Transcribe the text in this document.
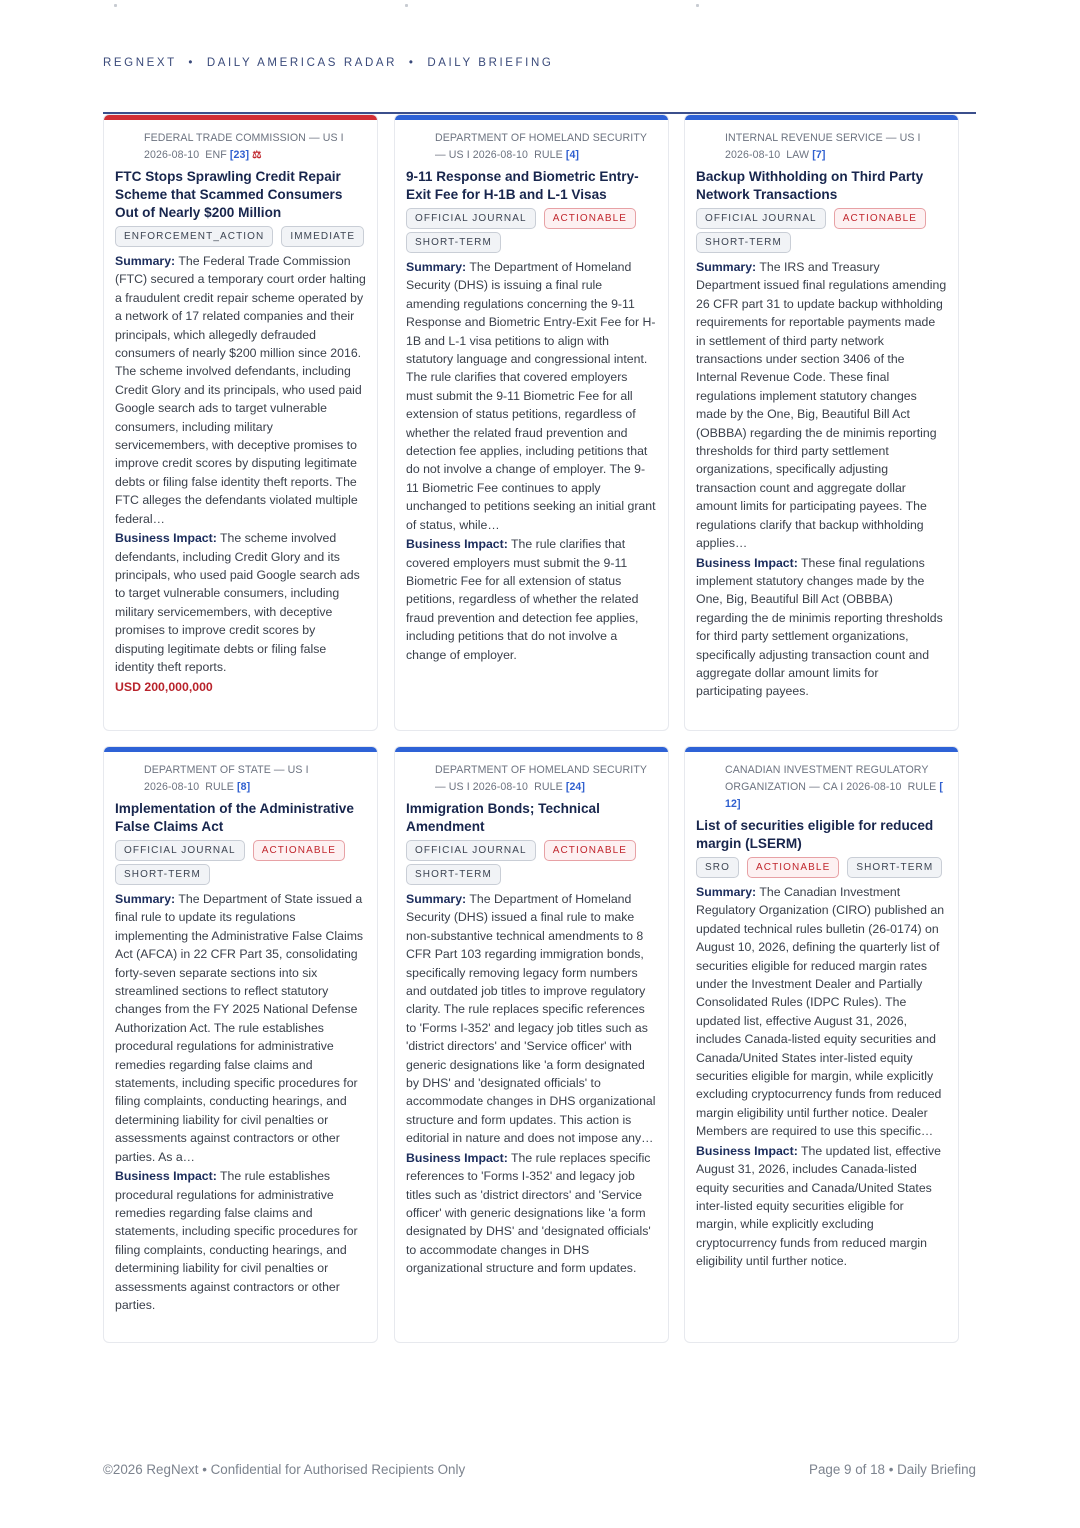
REGNEXT • DAILY AMERICAS RADAR • DAILY BRIEFING
FEDERAL TRADE COMMISSION — US I
2026-08-10 ENF [23] ⚖
FTC Stops Sprawling Credit Repair Scheme that Scammed Consumers Out of Nearly $200 Million
ENFORCEMENT_ACTION	IMMEDIATE
Summary: The Federal Trade Commission (FTC) secured a temporary court order halting a fraudulent credit repair scheme operated by a network of 17 related companies and their principals, which allegedly defrauded consumers of nearly $200 million since 2016. The scheme involved defendants, including Credit Glory and its principals, who used paid Google search ads to target vulnerable consumers, including military servicemembers, with deceptive promises to improve credit scores by disputing legitimate debts or filing false identity theft reports. The FTC alleges the defendants violated multiple federal…
Business Impact: The scheme involved defendants, including Credit Glory and its principals, who used paid Google search ads to target vulnerable consumers, including military servicemembers, with deceptive promises to improve credit scores by disputing legitimate debts or filing false identity theft reports.
USD 200,000,000
DEPARTMENT OF HOMELAND SECURITY — US I 2026-08-10 RULE [4]
9-11 Response and Biometric Entry-Exit Fee for H-1B and L-1 Visas
OFFICIAL JOURNAL	ACTIONABLE
SHORT-TERM
Summary: The Department of Homeland Security (DHS) is issuing a final rule amending regulations concerning the 9-11 Response and Biometric Entry-Exit Fee for H-1B and L-1 visa petitions to align with statutory language and congressional intent. The rule clarifies that covered employers must submit the 9-11 Biometric Fee for all extension of status petitions, regardless of whether the related fraud prevention and detection fee applies, including petitions that do not involve a change of employer. The 9-11 Biometric Fee continues to apply unchanged to petitions seeking an initial grant of status, while…
Business Impact: The rule clarifies that covered employers must submit the 9-11 Biometric Fee for all extension of status petitions, regardless of whether the related fraud prevention and detection fee applies, including petitions that do not involve a change of employer.
INTERNAL REVENUE SERVICE — US I
2026-08-10 LAW [7]
Backup Withholding on Third Party Network Transactions
OFFICIAL JOURNAL	ACTIONABLE
SHORT-TERM
Summary: The IRS and Treasury Department issued final regulations amending 26 CFR part 31 to update backup withholding requirements for reportable payments made in settlement of third party network transactions under section 3406 of the Internal Revenue Code. These final regulations implement statutory changes made by the One, Big, Beautiful Bill Act (OBBBA) regarding the de minimis reporting thresholds for third party settlement organizations, specifically adjusting transaction count and aggregate dollar amount limits for participating payees. The regulations clarify that backup withholding applies…
Business Impact: These final regulations implement statutory changes made by the One, Big, Beautiful Bill Act (OBBBA) regarding the de minimis reporting thresholds for third party settlement organizations, specifically adjusting transaction count and aggregate dollar amount limits for participating payees.
DEPARTMENT OF STATE — US I
2026-08-10 RULE [8]
Implementation of the Administrative False Claims Act
OFFICIAL JOURNAL	ACTIONABLE
SHORT-TERM
Summary: The Department of State issued a final rule to update its regulations implementing the Administrative False Claims Act (AFCA) in 22 CFR Part 35, consolidating forty-seven separate sections into six streamlined sections to reflect statutory changes from the FY 2025 National Defense Authorization Act. The rule establishes procedural regulations for administrative remedies regarding false claims and statements, including specific procedures for filing complaints, conducting hearings, and determining liability for civil penalties or assessments against contractors or other parties. As a…
Business Impact: The rule establishes procedural regulations for administrative remedies regarding false claims and statements, including specific procedures for filing complaints, conducting hearings, and determining liability for civil penalties or assessments against contractors or other parties.
DEPARTMENT OF HOMELAND SECURITY — US I 2026-08-10 RULE [24]
Immigration Bonds; Technical Amendment
OFFICIAL JOURNAL	ACTIONABLE
SHORT-TERM
Summary: The Department of Homeland Security (DHS) issued a final rule to make non-substantive technical amendments to 8 CFR Part 103 regarding immigration bonds, specifically removing legacy form numbers and outdated job titles to improve regulatory clarity. The rule replaces specific references to 'Forms I-352' and legacy job titles such as 'district directors' and 'Service officer' with generic designations like 'a form designated by DHS' and 'designated officials' to accommodate changes in DHS organizational structure and form updates. This action is editorial in nature and does not impose any…
Business Impact: The rule replaces specific references to 'Forms I-352' and legacy job titles such as 'district directors' and 'Service officer' with generic designations like 'a form designated by DHS' and 'designated officials' to accommodate changes in DHS organizational structure and form updates.
CANADIAN INVESTMENT REGULATORY ORGANIZATION — CA I 2026-08-10 RULE [ 12]
List of securities eligible for reduced margin (LSERM)
SRO	ACTIONABLE	SHORT-TERM
Summary: The Canadian Investment Regulatory Organization (CIRO) published an updated technical rules bulletin (26-0174) on August 10, 2026, defining the quarterly list of securities eligible for reduced margin rates under the Investment Dealer and Partially Consolidated Rules (IDPC Rules). The updated list, effective August 31, 2026, includes Canada-listed equity securities and Canada/United States inter-listed equity securities eligible for margin, while explicitly excluding cryptocurrency funds from reduced margin eligibility until further notice. Dealer Members are required to use this specific…
Business Impact: The updated list, effective August 31, 2026, includes Canada-listed equity securities and Canada/United States inter-listed equity securities eligible for margin, while explicitly excluding cryptocurrency funds from reduced margin eligibility until further notice.
©2026 RegNext • Confidential for Authorised Recipients Only	Page 9 of 18 • Daily Briefing
